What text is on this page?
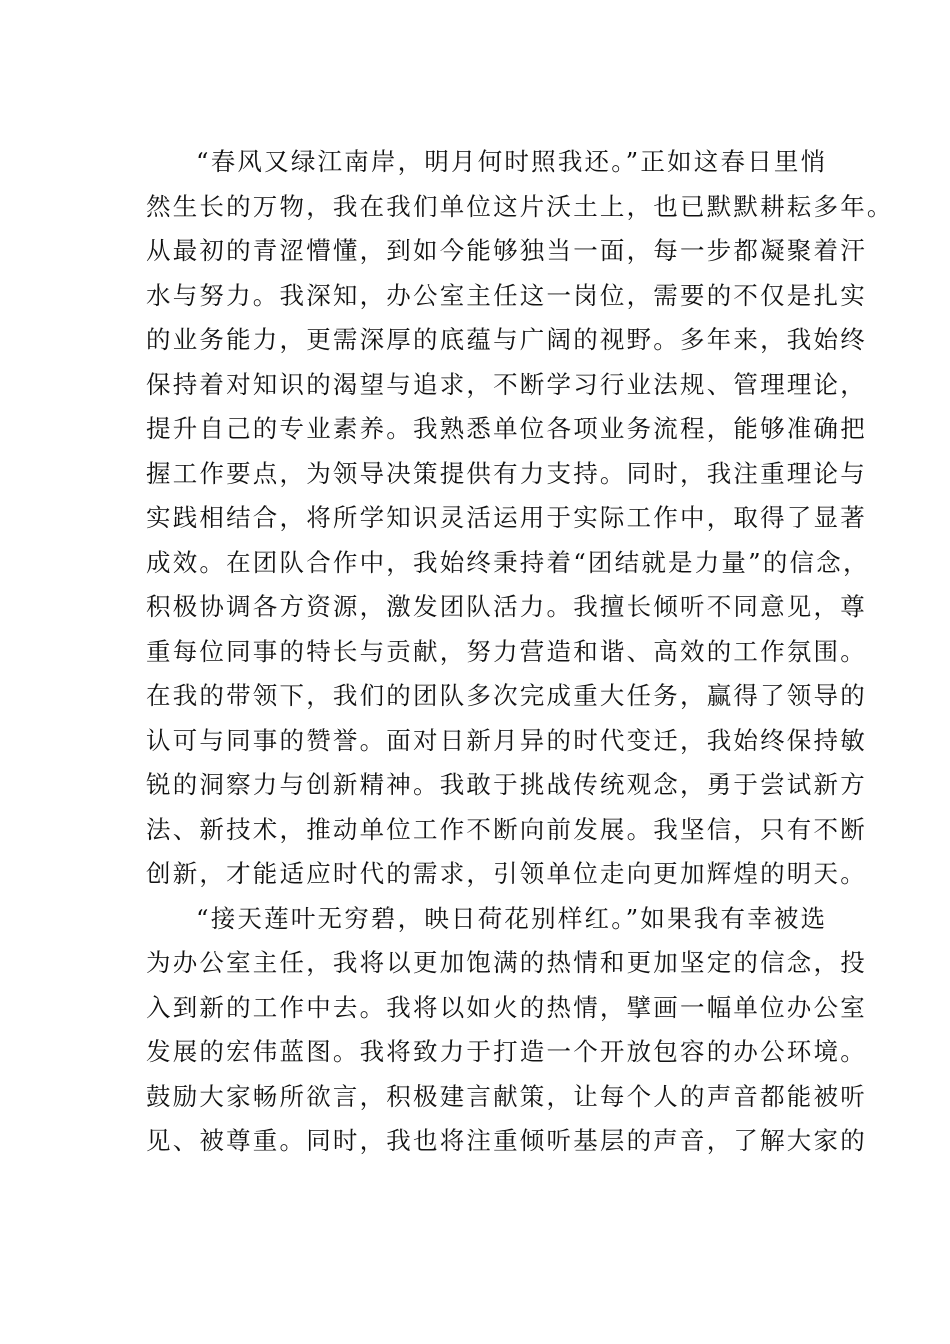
“春风又绿江南岸，明月何时照我还。”正如这春日里悄
然生长的万物，我在我们单位这片沃土上，也已默默耕耘多年。
从最初的青涩懵懂，到如今能够独当一面，每一步都凝聚着汗
水与努力。我深知，办公室主任这一岗位，需要的不仅是扎实
的业务能力，更需深厚的底蕴与广阔的视野。多年来，我始终
保持着对知识的渴望与追求，不断学习行业法规、管理理论，
提升自己的专业素养。我熟悉单位各项业务流程，能够准确把
握工作要点，为领导决策提供有力支持。同时，我注重理论与
实践相结合，将所学知识灵活运用于实际工作中，取得了显著
成效。在团队合作中，我始终秉持着“团结就是力量”的信念，
积极协调各方资源，激发团队活力。我擅长倾听不同意见，尊
重每位同事的特长与贡献，努力营造和谐、高效的工作氛围。
在我的带领下，我们的团队多次完成重大任务，赢得了领导的
认可与同事的赞誉。面对日新月异的时代变迁，我始终保持敏
锐的洞察力与创新精神。我敢于挑战传统观念，勇于尝试新方
法、新技术，推动单位工作不断向前发展。我坚信，只有不断
创新，才能适应时代的需求，引领单位走向更加辉煌的明天。
“接天莲叶无穷碧，映日荷花别样红。”如果我有幸被选
为办公室主任，我将以更加饱满的热情和更加坚定的信念，投
入到新的工作中去。我将以如火的热情，擘画一幅单位办公室
发展的宏伟蓝图。我将致力于打造一个开放包容的办公环境。
鼓励大家畅所欲言，积极建言献策，让每个人的声音都能被听
见、被尊重。同时，我也将注重倾听基层的声音，了解大家的
